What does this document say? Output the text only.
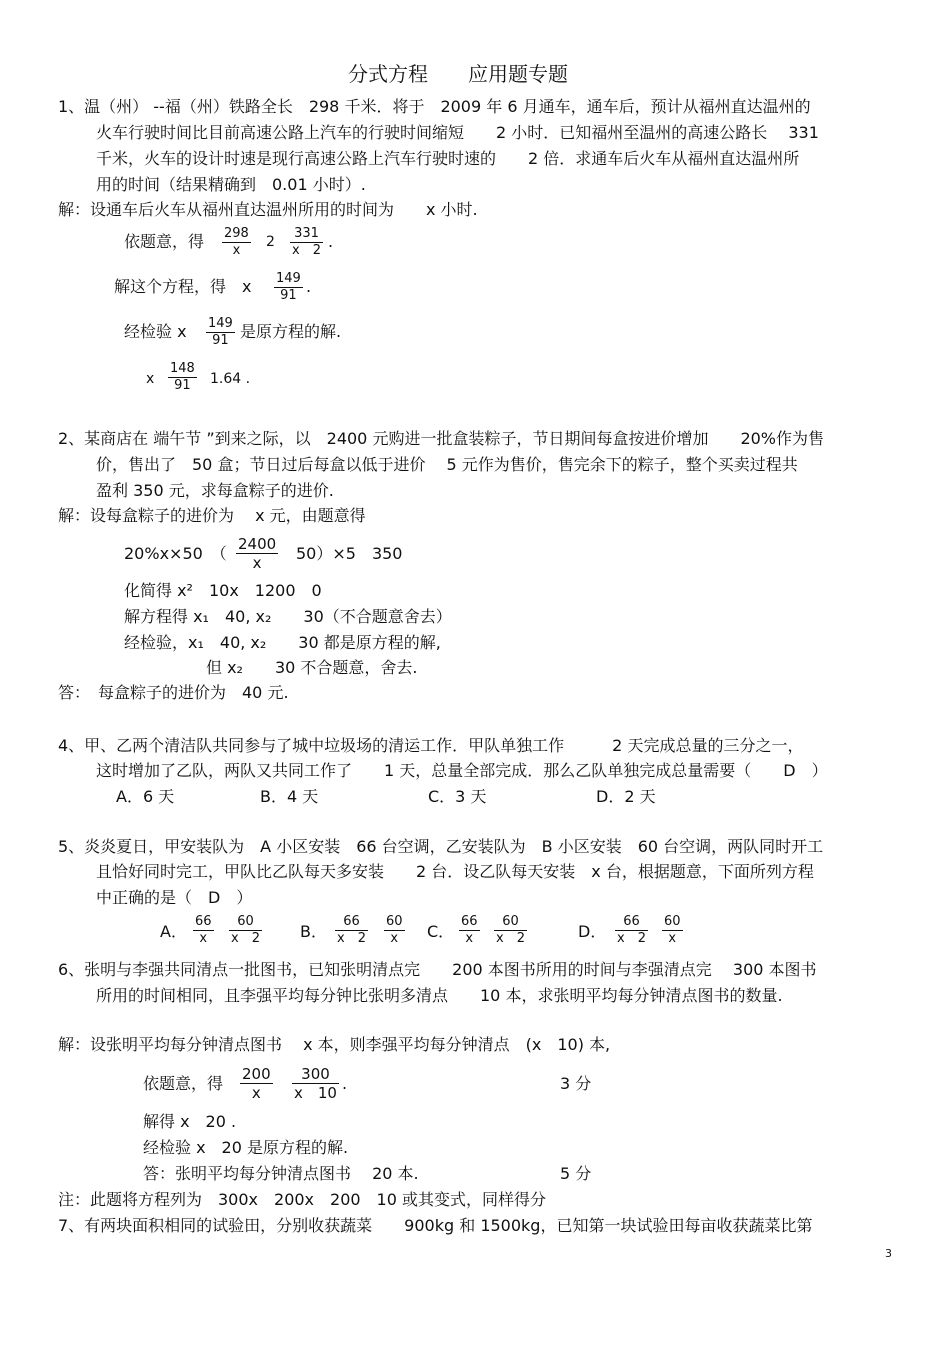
分式方程　　应用题专题
1、温（州） --福（州）铁路全长　298 千米．将于　2009 年 6 月通车，通车后，预计从福州直达温州的
火车行驶时间比目前高速公路上汽车的行驶时间缩短　　2 小时．已知福州至温州的高速公路长　 331
千米，火车的设计时速是现行高速公路上汽车行驶时速的　　2 倍．求通车后火车从福州直达温州所
用的时间（结果精确到　0.01 小时）.
解：设通车后火车从福州直达温州所用的时间为　　x 小时.
依题意，得 $\frac{298}{x} 2 \frac{331}{x 2}$ .
解这个方程，得　x $\frac{149}{91}$ .
经检验 x $\frac{149}{91}$ 是原方程的解.
x $\frac{148}{91} 1.64$ .
2、某商店在 端午节 ”到来之际，以　2400 元购进一批盒装粽子，节日期间每盒按进价增加　　20%作为售
价，售出了　50 盒；节日过后每盒以低于进价　 5 元作为售价，售完余下的粽子，整个买卖过程共
盈利 350 元，求每盒粽子的进价.
解：设每盒粽子的进价为　 x 元，由题意得
20%x×50　（ $\frac{2400}{x} 50)\times 5$　350
化简得 x²　10x　1200　0
解方程得 x₁　40, x₂　　30（不合题意舍去）
经检验，x₁　40, x₂　　30 都是原方程的解,
但 x₂　　30 不合题意，舍去.
答：　每盒粽子的进价为　40 元.
4、甲、乙两个清洁队共同参与了城中垃圾场的清运工作．甲队单独工作　　　2 天完成总量的三分之一，
这时增加了乙队，两队又共同工作了　　1 天，总量全部完成．那么乙队单独完成总量需要（　　D　）
A．6 天	B．4 天	C．3 天	D．2 天
5、炎炎夏日，甲安装队为　A 小区安装　66 台空调，乙安装队为　B 小区安装　60 台空调，两队同时开工
且恰好同时完工，甲队比乙队每天多安装　　2 台．设乙队每天安装　x 台，根据题意，下面所列方程
中正确的是（　D　）
A． $\frac{66}{x} \frac{60}{x 2}$ B． $\frac{66}{x 2} \frac{60}{x}$ C． $\frac{66}{x} \frac{60}{x 2}$	D． $\frac{66}{x 2} \frac{60}{x}$
6、张明与李强共同清点一批图书，已知张明清点完　　200 本图书所用的时间与李强清点完　 300 本图书
所用的时间相同，且李强平均每分钟比张明多清点　　10 本，求张明平均每分钟清点图书的数量.
解：设张明平均每分钟清点图书　 x 本，则李强平均每分钟清点　(x　10) 本,
依题意，得 $\frac{200}{x} \frac{300}{x 10}$ .	3 分
解得 x　20 .
经检验 x　20 是原方程的解.
答：张明平均每分钟清点图书　 20 本.	5 分
注：此题将方程列为　300x　200x　200　10 或其变式，同样得分
7、有两块面积相同的试验田，分别收获蔬菜　　900kg 和 1500kg，已知第一块试验田每亩收获蔬菜比第
3
